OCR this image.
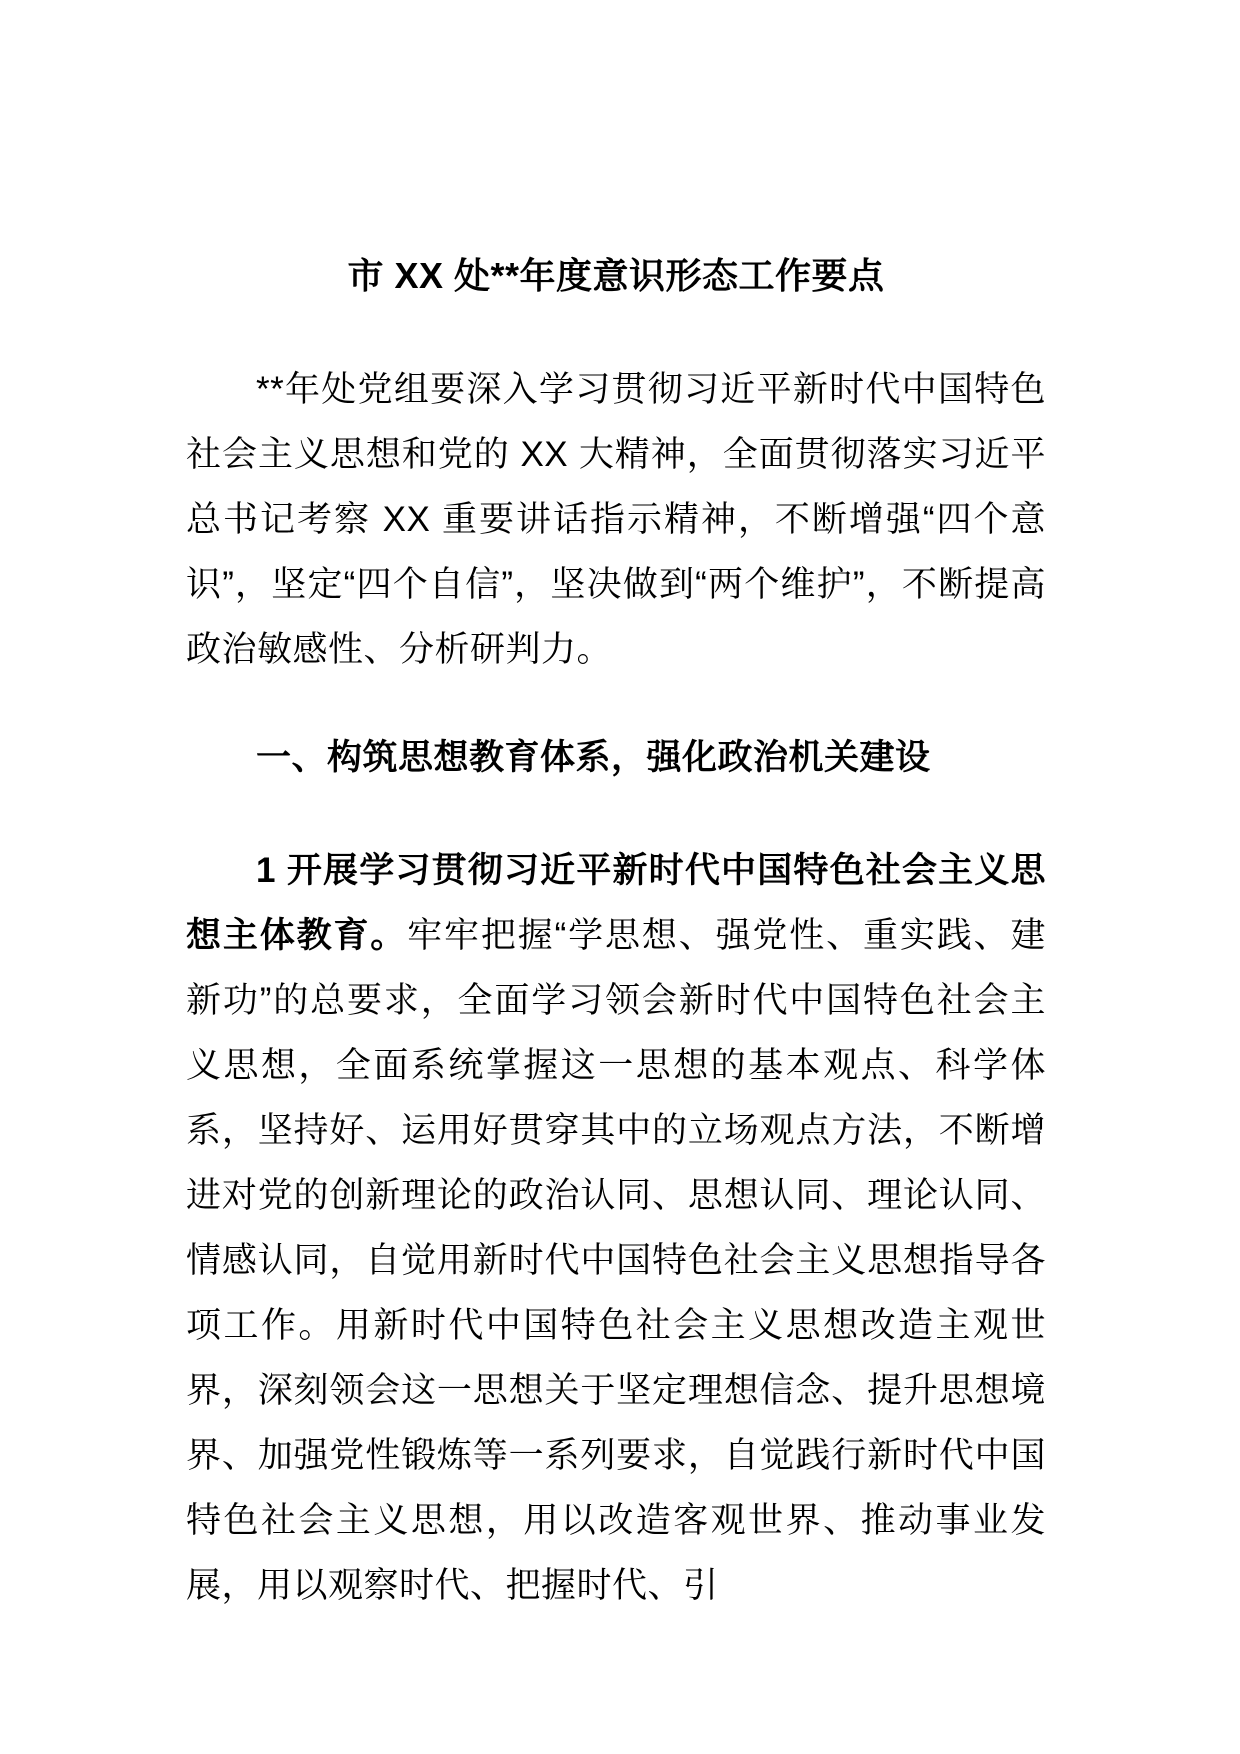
市 XX 处**年度意识形态工作要点

**年处党组要深入学习贯彻习近平新时代中国特色社会主义思想和党的 XX 大精神，全面贯彻落实习近平总书记考察 XX 重要讲话指示精神，不断增强“四个意识”，坚定“四个自信”，坚决做到“两个维护”，不断提高政治敏感性、分析研判力。

一、构筑思想教育体系，强化政治机关建设

1 开展学习贯彻习近平新时代中国特色社会主义思想主体教育。牢牢把握“学思想、强党性、重实践、建新功”的总要求，全面学习领会新时代中国特色社会主义思想，全面系统掌握这一思想的基本观点、科学体系，坚持好、运用好贯穿其中的立场观点方法，不断增进对党的创新理论的政治认同、思想认同、理论认同、情感认同，自觉用新时代中国特色社会主义思想指导各项工作。用新时代中国特色社会主义思想改造主观世界，深刻领会这一思想关于坚定理想信念、提升思想境界、加强党性锻炼等一系列要求，自觉践行新时代中国特色社会主义思想，用以改造客观世界、推动事业发展，用以观察时代、把握时代、引
